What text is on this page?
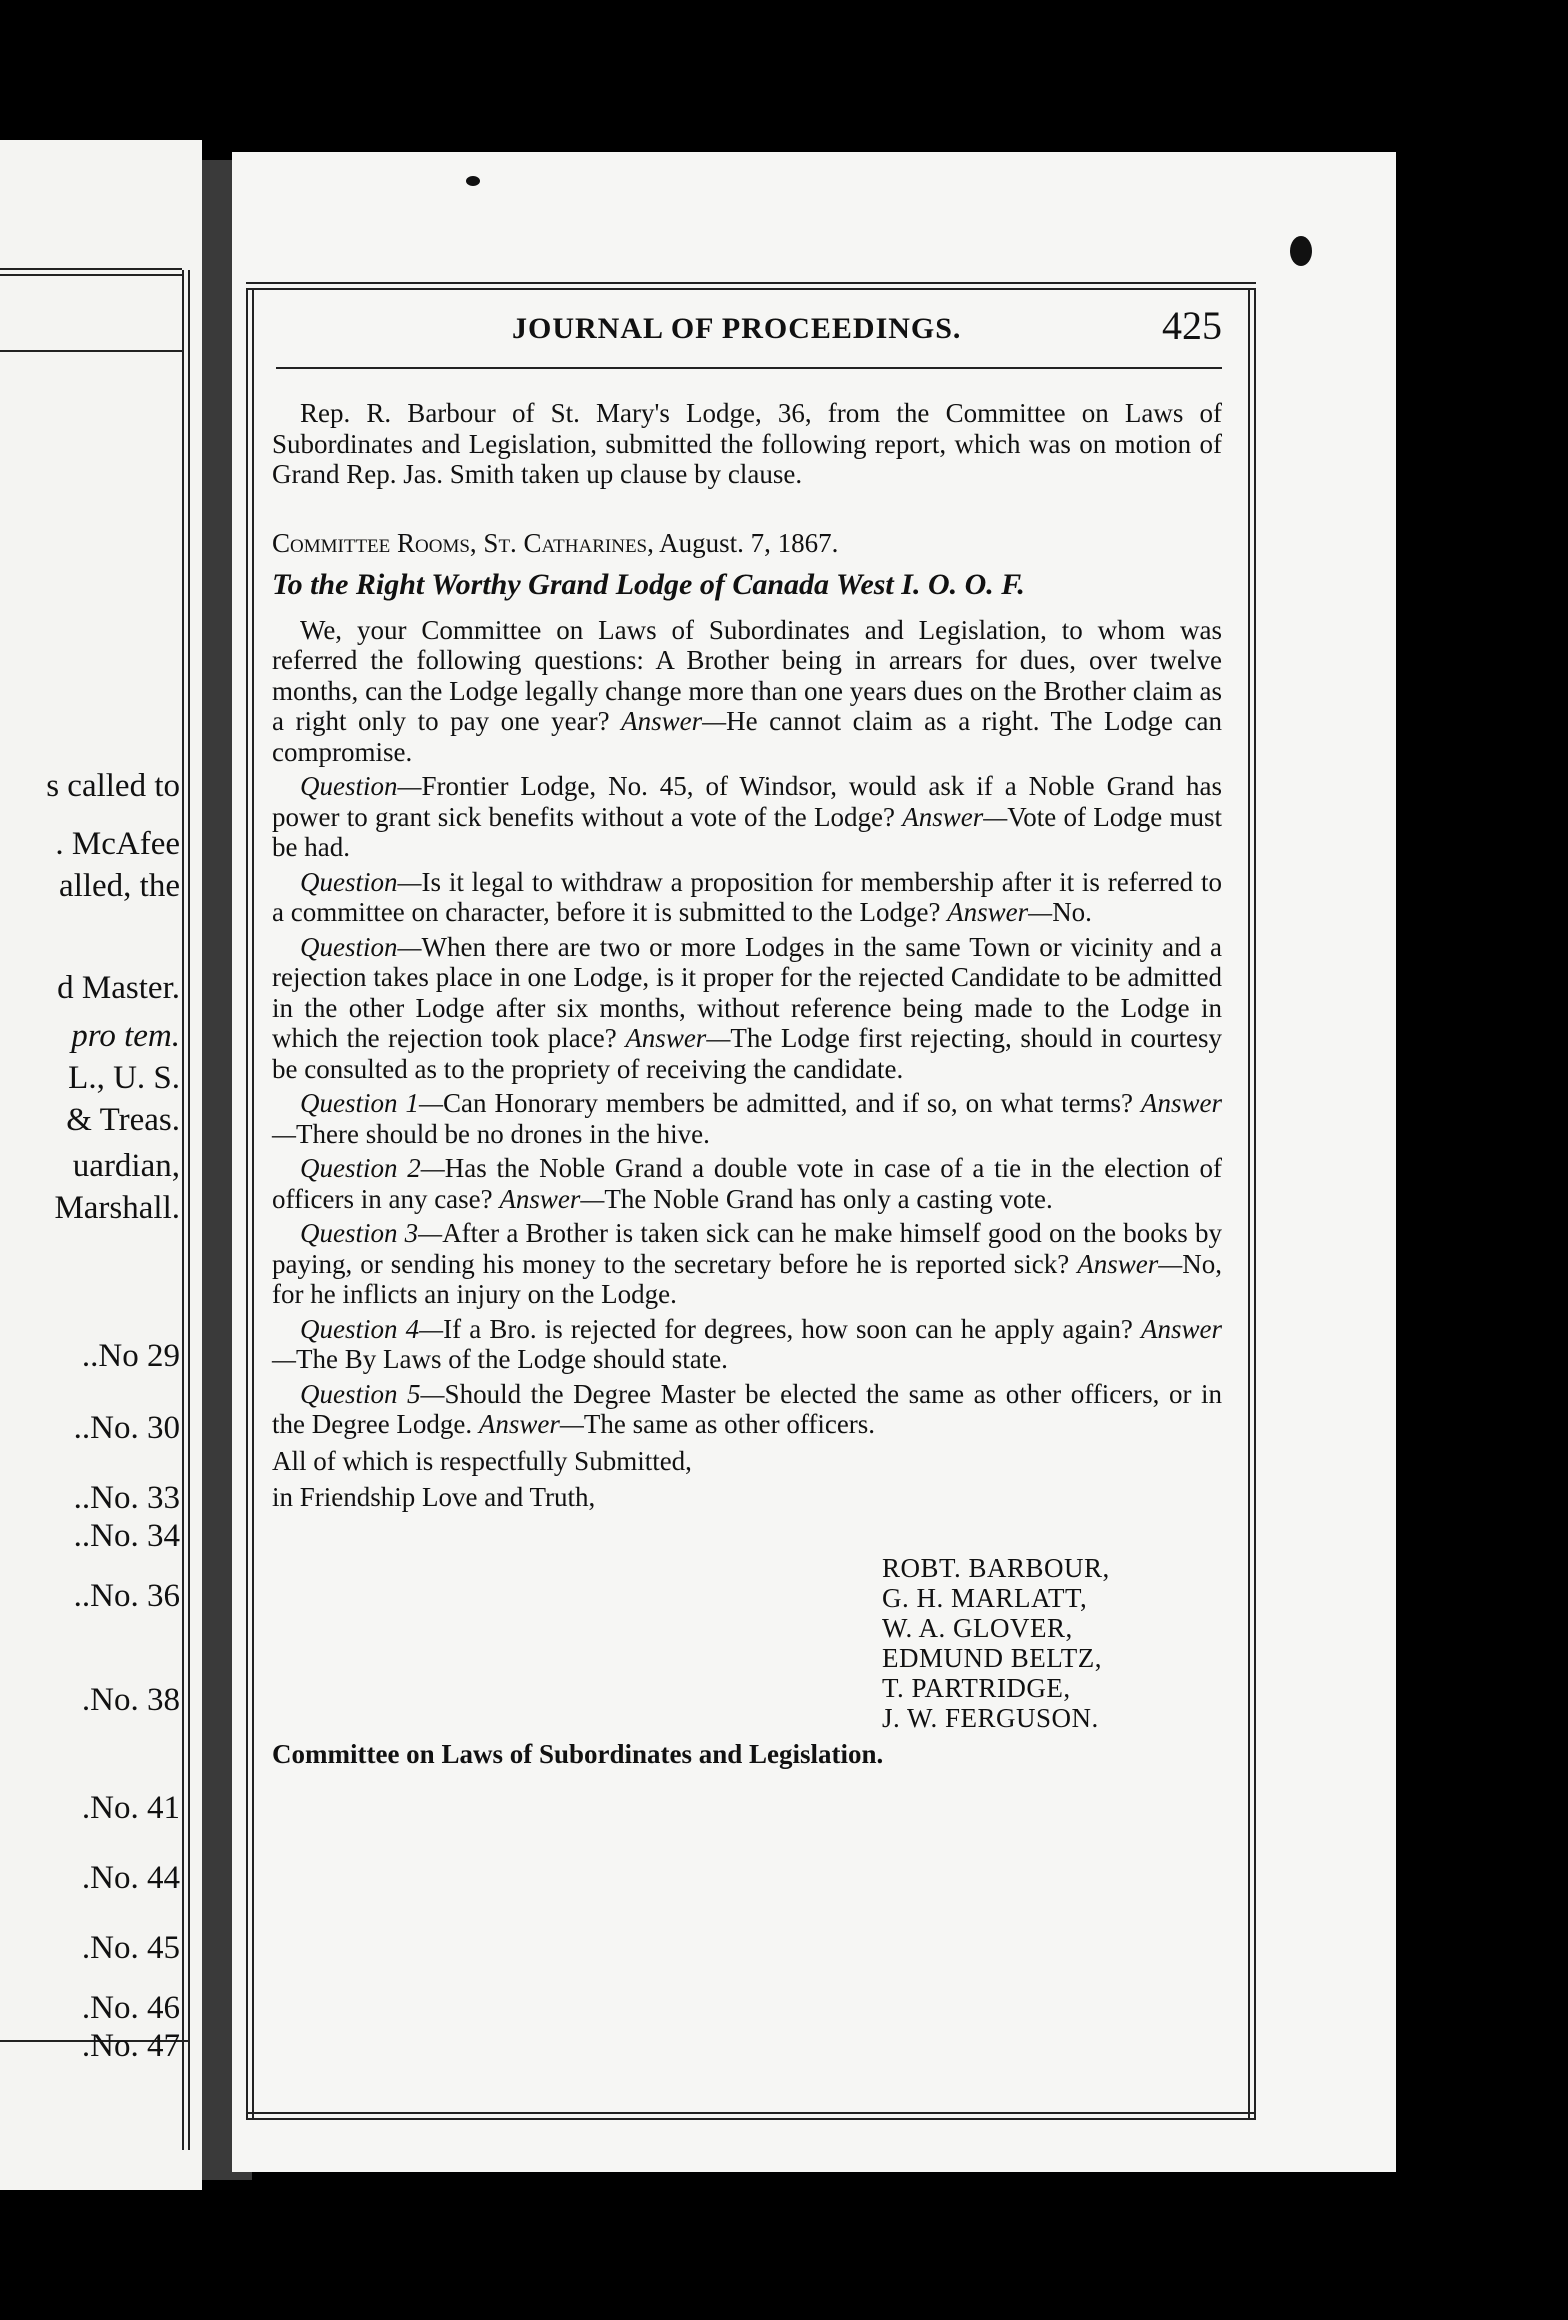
s called to
. McAfee
alled, the
d Master.
pro tem.
L., U. S.
& Treas.
uardian,
Marshall.
..No 29
..No. 30
..No. 33
..No. 34
..No. 36
.No. 38
.No. 41
.No. 44
.No. 45
.No. 46
.No. 47
JOURNAL OF PROCEEDINGS.	425

Rep. R. Barbour of St. Mary's Lodge, 36, from the Committee on Laws of Subordinates and Legislation, submitted the following report, which was on motion of Grand Rep. Jas. Smith taken up clause by clause.

Committee Rooms, St. Catharines, August. 7, 1867.

To the Right Worthy Grand Lodge of Canada West I. O. O. F.

We, your Committee on Laws of Subordinates and Legislation, to whom was referred the following questions: A Brother being in arrears for dues, over twelve months, can the Lodge legally change more than one years dues on the Brother claim as a right only to pay one year? Answer—He cannot claim as a right. The Lodge can compromise.

Question—Frontier Lodge, No. 45, of Windsor, would ask if a Noble Grand has power to grant sick benefits without a vote of the Lodge? Answer—Vote of Lodge must be had.

Question—Is it legal to withdraw a proposition for membership after it is referred to a committee on character, before it is submitted to the Lodge? Answer—No.

Question—When there are two or more Lodges in the same Town or vicinity and a rejection takes place in one Lodge, is it proper for the rejected Candidate to be admitted in the other Lodge after six months, without reference being made to the Lodge in which the rejection took place? Answer—The Lodge first rejecting, should in courtesy be consulted as to the propriety of receiving the candidate.

Question 1—Can Honorary members be admitted, and if so, on what terms? Answer—There should be no drones in the hive.

Question 2—Has the Noble Grand a double vote in case of a tie in the election of officers in any case? Answer—The Noble Grand has only a casting vote.

Question 3—After a Brother is taken sick can he make himself good on the books by paying, or sending his money to the secretary before he is reported sick? Answer—No, for he inflicts an injury on the Lodge.

Question 4—If a Bro. is rejected for degrees, how soon can he apply again? Answer—The By Laws of the Lodge should state.

Question 5—Should the Degree Master be elected the same as other officers, or in the Degree Lodge. Answer—The same as other officers.

All of which is respectfully Submitted,

in Friendship Love and Truth,

ROBT. BARBOUR,
G. H. MARLATT,
W. A. GLOVER,
EDMUND BELTZ,
T. PARTRIDGE,
J. W. FERGUSON.

Committee on Laws of Subordinates and Legislation.
